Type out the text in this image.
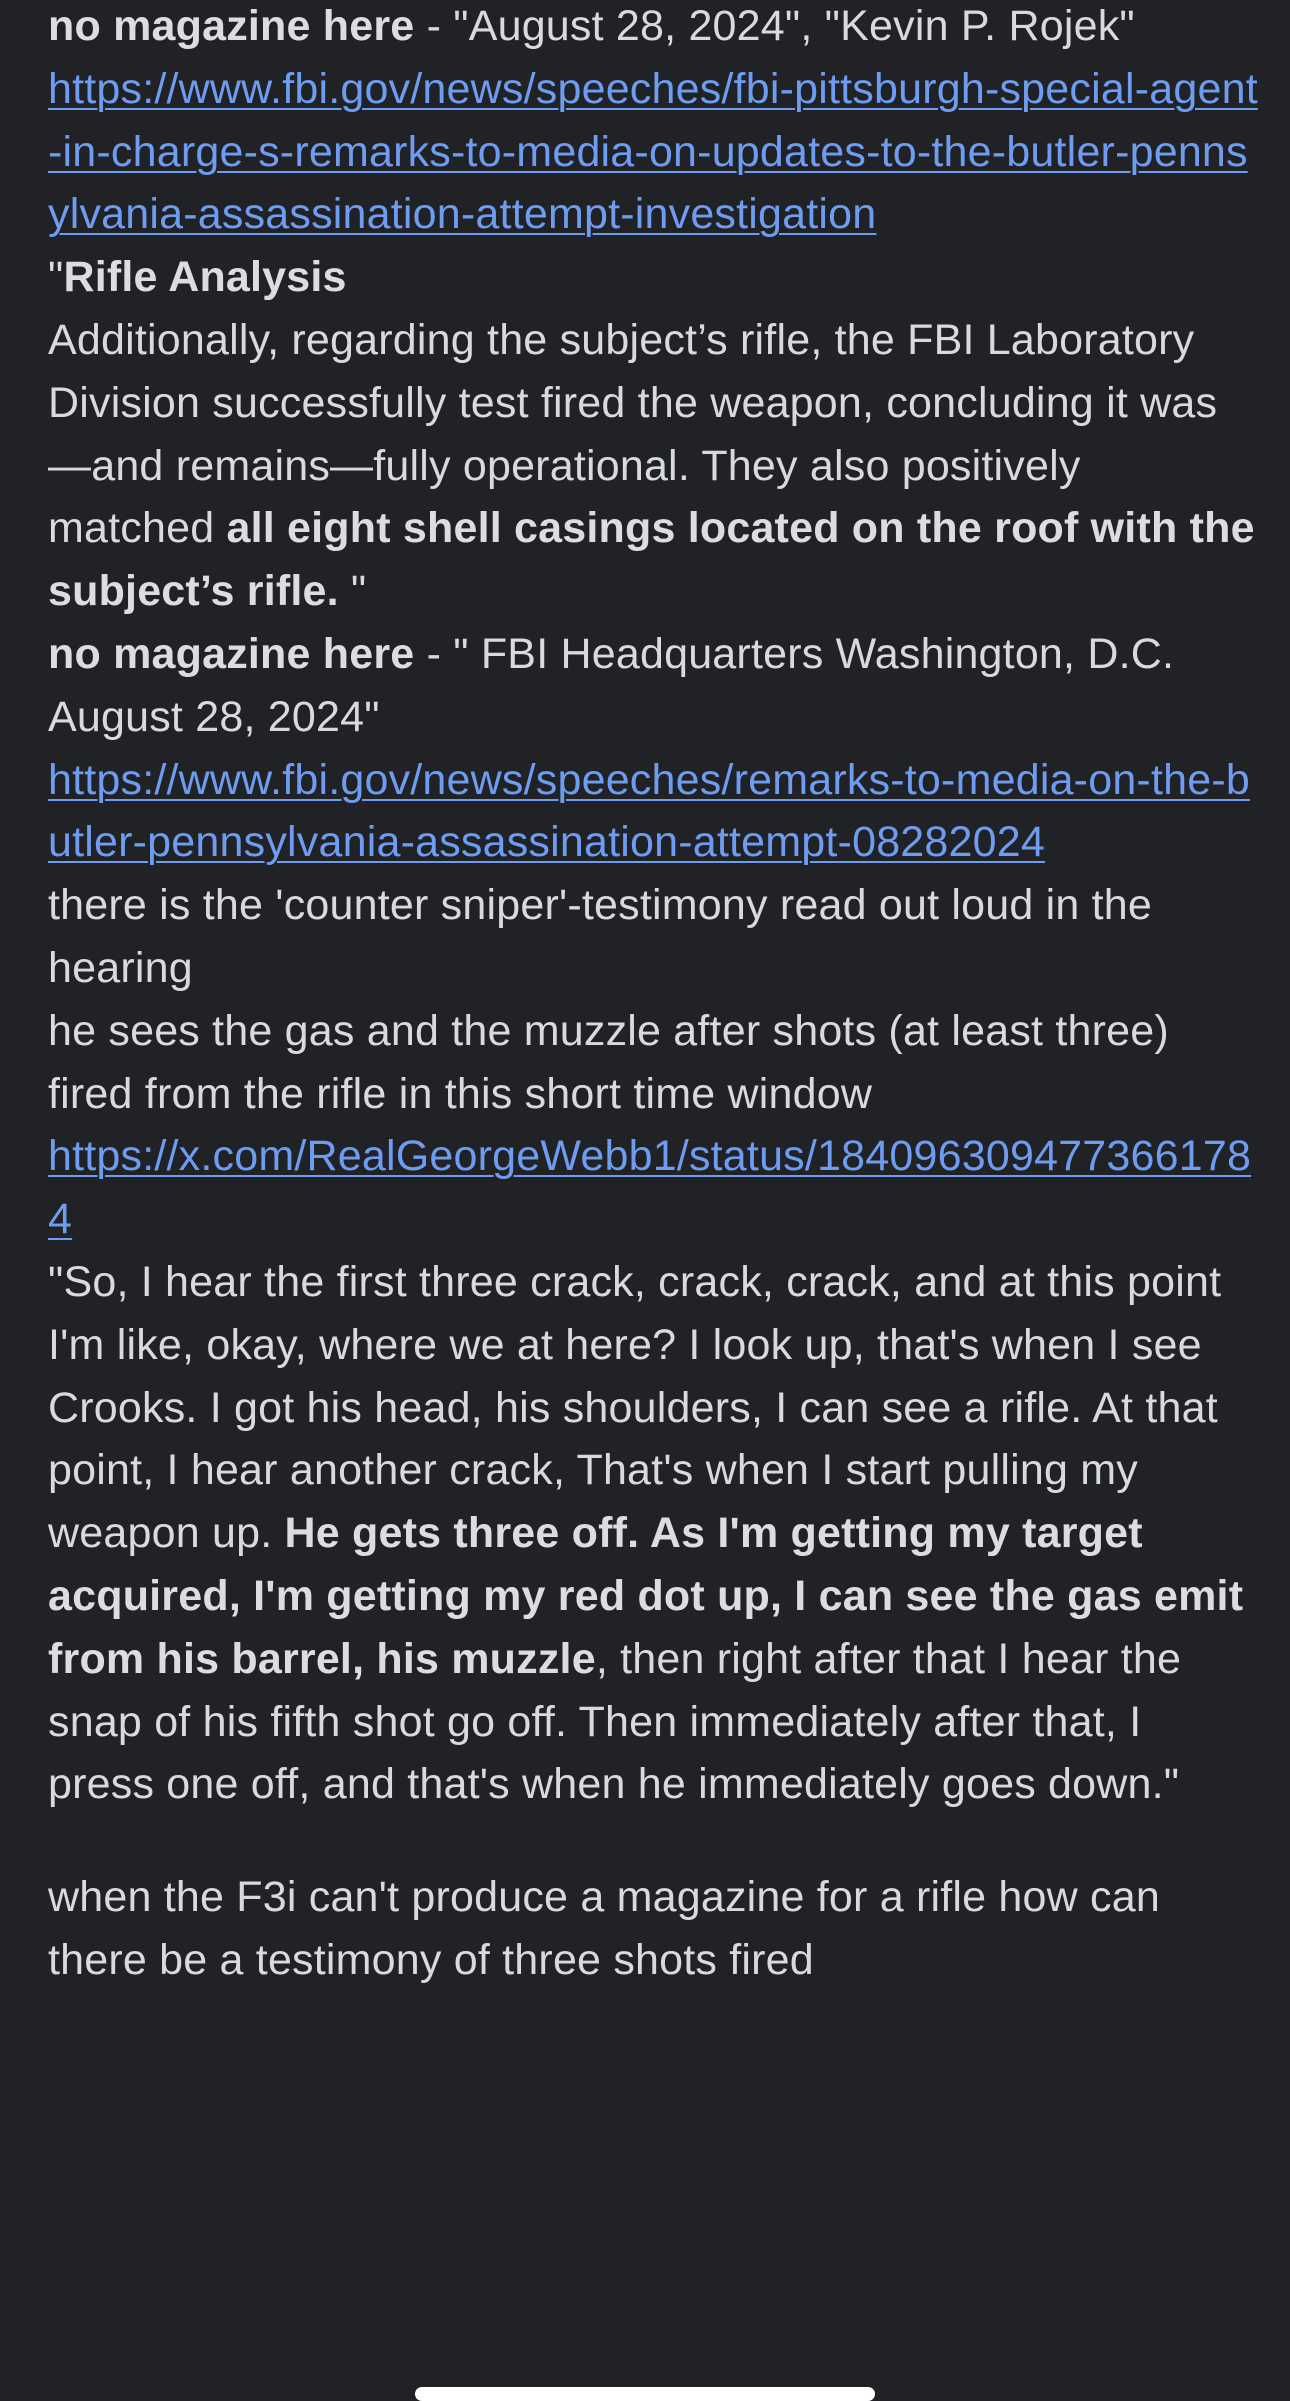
no magazine here - "August 28, 2024", "Kevin P. Rojek"

https://www.fbi.gov/news/speeches/fbi-pittsburgh-special-agent-in-charge-s-remarks-to-media-on-updates-to-the-butler-pennsylvania-assassination-attempt-investigation

"Rifle Analysis

Additionally, regarding the subject’s rifle, the FBI Laboratory Division successfully test fired the weapon, concluding it was—and remains—fully operational. They also positively matched all eight shell casings located on the roof with the subject’s rifle. "

no magazine here - " FBI Headquarters Washington, D.C. August 28, 2024"

https://www.fbi.gov/news/speeches/remarks-to-media-on-the-butler-pennsylvania-assassination-attempt-08282024

there is the 'counter sniper'-testimony read out loud in the hearing

he sees the gas and the muzzle after shots (at least three) fired from the rifle in this short time window

https://x.com/RealGeorgeWebb1/status/1840963094773661784

"So, I hear the first three crack, crack, crack, and at this point I'm like, okay, where we at here? I look up, that's when I see Crooks. I got his head, his shoulders, I can see a rifle. At that point, I hear another crack, That's when I start pulling my weapon up. He gets three off. As I'm getting my target acquired, I'm getting my red dot up, I can see the gas emit from his barrel, his muzzle, then right after that I hear the snap of his fifth shot go off. Then immediately after that, I press one off, and that's when he immediately goes down."

when the F3i can't produce a magazine for a rifle how can there be a testimony of three shots fired
